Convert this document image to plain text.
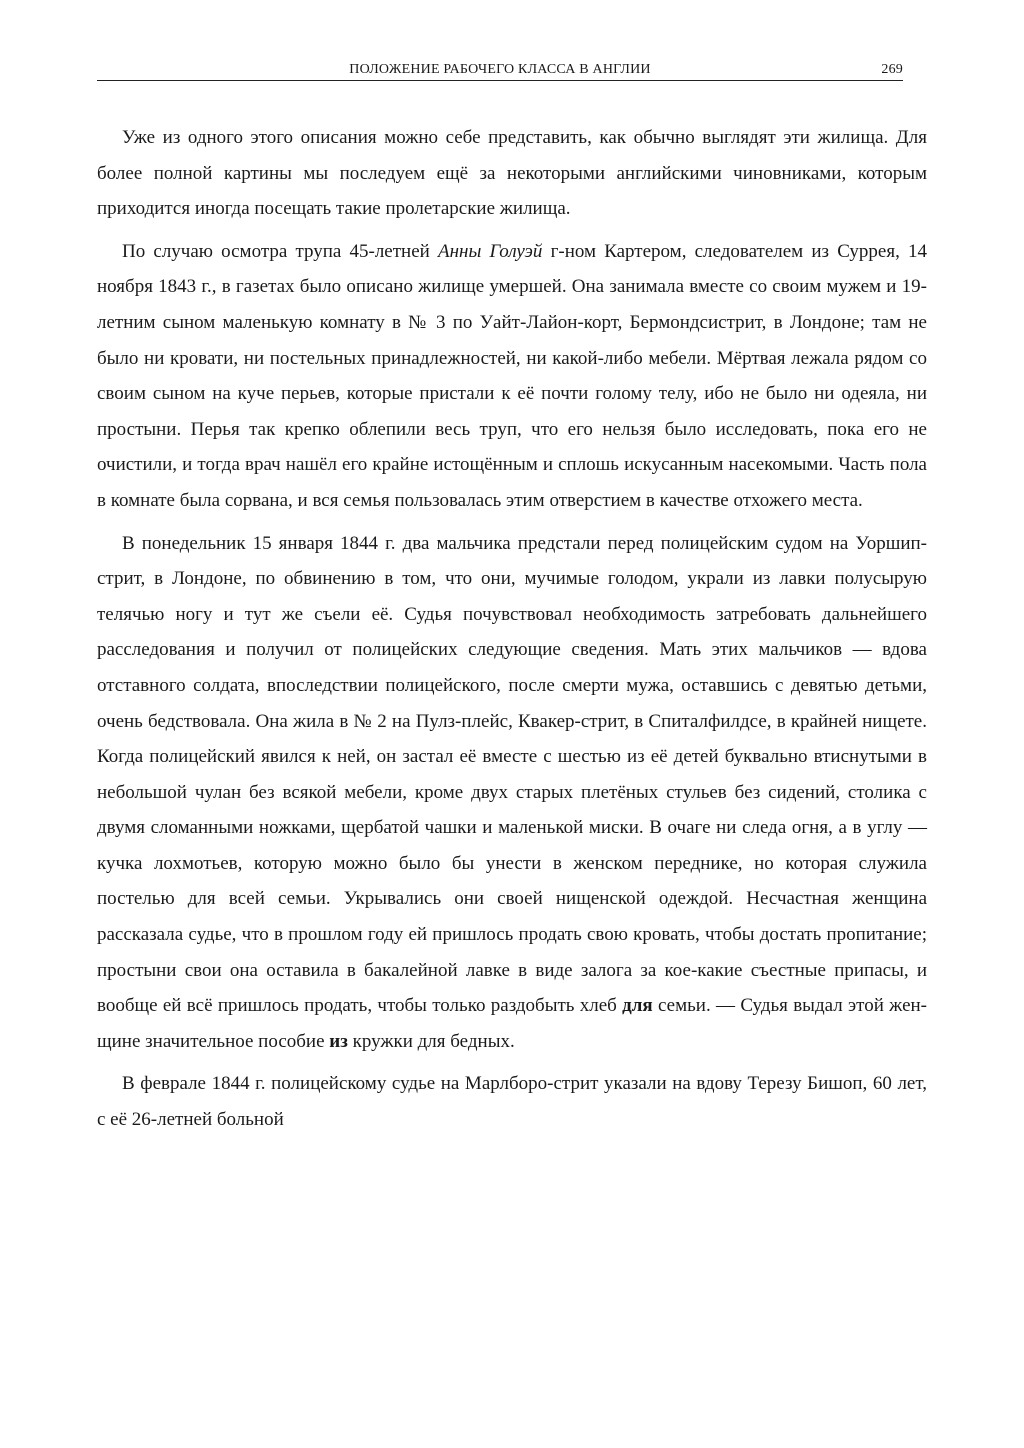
ПОЛОЖЕНИЕ РАБОЧЕГО КЛАССА В АНГЛИИ	269

Уже из одного этого описания можно себе представить, как обычно выглядят эти жилища. Для более полной картины мы последуем ещё за некоторыми английскими чиновниками, которым приходится иногда посещать такие пролетарские жилища.

По случаю осмотра трупа 45-летней Анны Голуэй г-ном Картером, следователем из Суррея, 14 ноября 1843 г., в газетах было описано жилище умершей. Она занимала вместе со своим мужем и 19-летним сыном маленькую комнату в № 3 по Уайт-Лайон-корт, Бермондсистрит, в Лондоне; там не было ни кровати, ни постельных принадлежностей, ни какой-либо мебели. Мёртвая лежала рядом со своим сыном на куче перьев, которые пристали к её почти голому телу, ибо не было ни одеяла, ни простыни. Перья так крепко облепили весь труп, что его нельзя было исследовать, пока его не очистили, и тогда врач нашёл его крайне истощённым и сплошь искусанным насекомыми. Часть пола в комнате была сорвана, и вся семья пользовалась этим отверстием в качестве отхожего места.

В понедельник 15 января 1844 г. два мальчика предстали перед полицейским судом на Уоршип-стрит, в Лондоне, по обвинению в том, что они, мучимые голодом, украли из лавки полусырую телячью ногу и тут же съели её. Судья почувствовал необходимость затребовать дальнейшего расследования и получил от полицейских следующие сведения. Мать этих мальчиков — вдова отставного солдата, впоследствии полицейского, после смерти мужа, оставшись с девятью детьми, очень бедствовала. Она жила в № 2 на Пулз-плейс, Квакер-стрит, в Спиталфилдсе, в крайней нищете. Когда полицейский явился к ней, он застал её вместе с шестью из её детей буквально втиснутыми в небольшой чулан без всякой мебели, кроме двух старых плетёных стульев без сидений, столика с двумя сломанными ножками, щербатой чашки и маленькой миски. В очаге ни следа огня, а в углу — кучка лохмотьев, которую можно было бы унести в женском переднике, но которая служила постелью для всей семьи. Укрывались они своей нищенской одеждой. Несчастная женщина рассказала судье, что в прошлом году ей пришлось продать свою кровать, чтобы достать пропитание; простыни свои она оставила в бакалейной лавке в виде залога за кое-какие съестные припасы, и вообще ей всё пришлось продать, чтобы только раздобыть хлеб для семьи. — Судья выдал этой женщине значительное пособие из кружки для бедных.

В феврале 1844 г. полицейскому судье на Марлборо-стрит указали на вдову Терезу Бишоп, 60 лет, с её 26-летней больной
